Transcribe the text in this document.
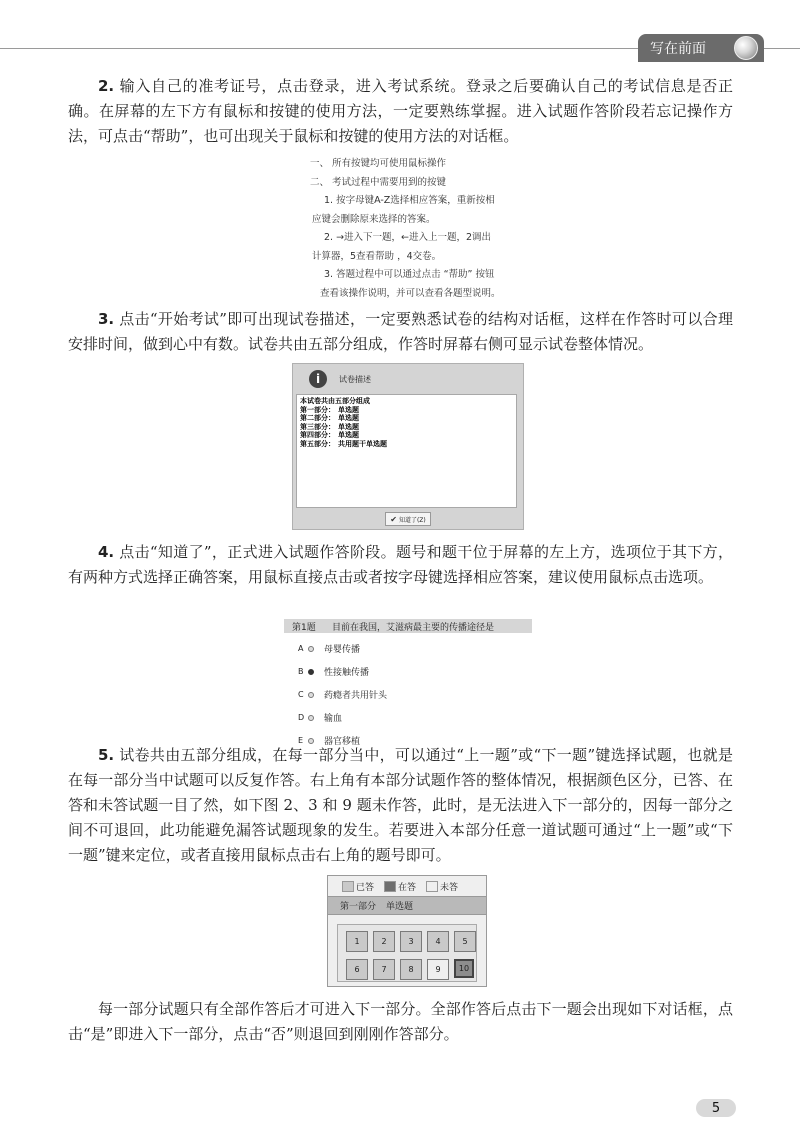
写在前面

2. 输入自己的准考证号，点击登录，进入考试系统。登录之后要确认自己的考试信息是否正确。在屏幕的左下方有鼠标和按键的使用方法，一定要熟练掌握。进入试题作答阶段若忘记操作方法，可点击“帮助”，也可出现关于鼠标和按键的使用方法的对话框。

一、 所有按键均可使用鼠标操作
二、 考试过程中需要用到的按键
1. 按字母键A-Z选择相应答案，重新按相
应键会删除原来选择的答案。
2. →进入下一题，←进入上一题，2调出
计算器，5查看帮助 ，4交卷。
3. 答题过程中可以通过点击 “帮助” 按钮
查看该操作说明，并可以查看各题型说明。

3. 点击“开始考试”即可出现试卷描述，一定要熟悉试卷的结构对话框，这样在作答时可以合理安排时间，做到心中有数。试卷共由五部分组成，作答时屏幕右侧可显示试卷整体情况。

i	试卷描述
本试卷共由五部分组成
第一部分： 单选题
第二部分： 单选题
第三部分： 单选题
第四部分： 单选题
第五部分： 共用题干单选题
✔ 知道了(Z)

4. 点击“知道了”，正式进入试题作答阶段。题号和题干位于屏幕的左上方，选项位于其下方，有两种方式选择正确答案，用鼠标直接点击或者按字母键选择相应答案，建议使用鼠标点击选项。

第1题	目前在我国，艾滋病最主要的传播途径是
A 母婴传播
B 性接触传播
C 药瘾者共用针头
D 输血
E	器官移植

5. 试卷共由五部分组成，在每一部分当中，可以通过“上一题”或“下一题”键选择试题，也就是在每一部分当中试题可以反复作答。右上角有本部分试题作答的整体情况，根据颜色区分，已答、在答和未答试题一目了然，如下图 2、3 和 9 题未作答，此时，是无法进入下一部分的，因每一部分之间不可退回，此功能避免漏答试题现象的发生。若要进入本部分任意一道试题可通过“上一题”或“下一题”键来定位，或者直接用鼠标点击右上角的题号即可。

已答	在答	未答
第一部分 单选题
1	2	3	4	5
6	7	8	9	10

每一部分试题只有全部作答后才可进入下一部分。全部作答后点击下一题会出现如下对话框，点击“是”即进入下一部分，点击“否”则退回到刚刚作答部分。

5
